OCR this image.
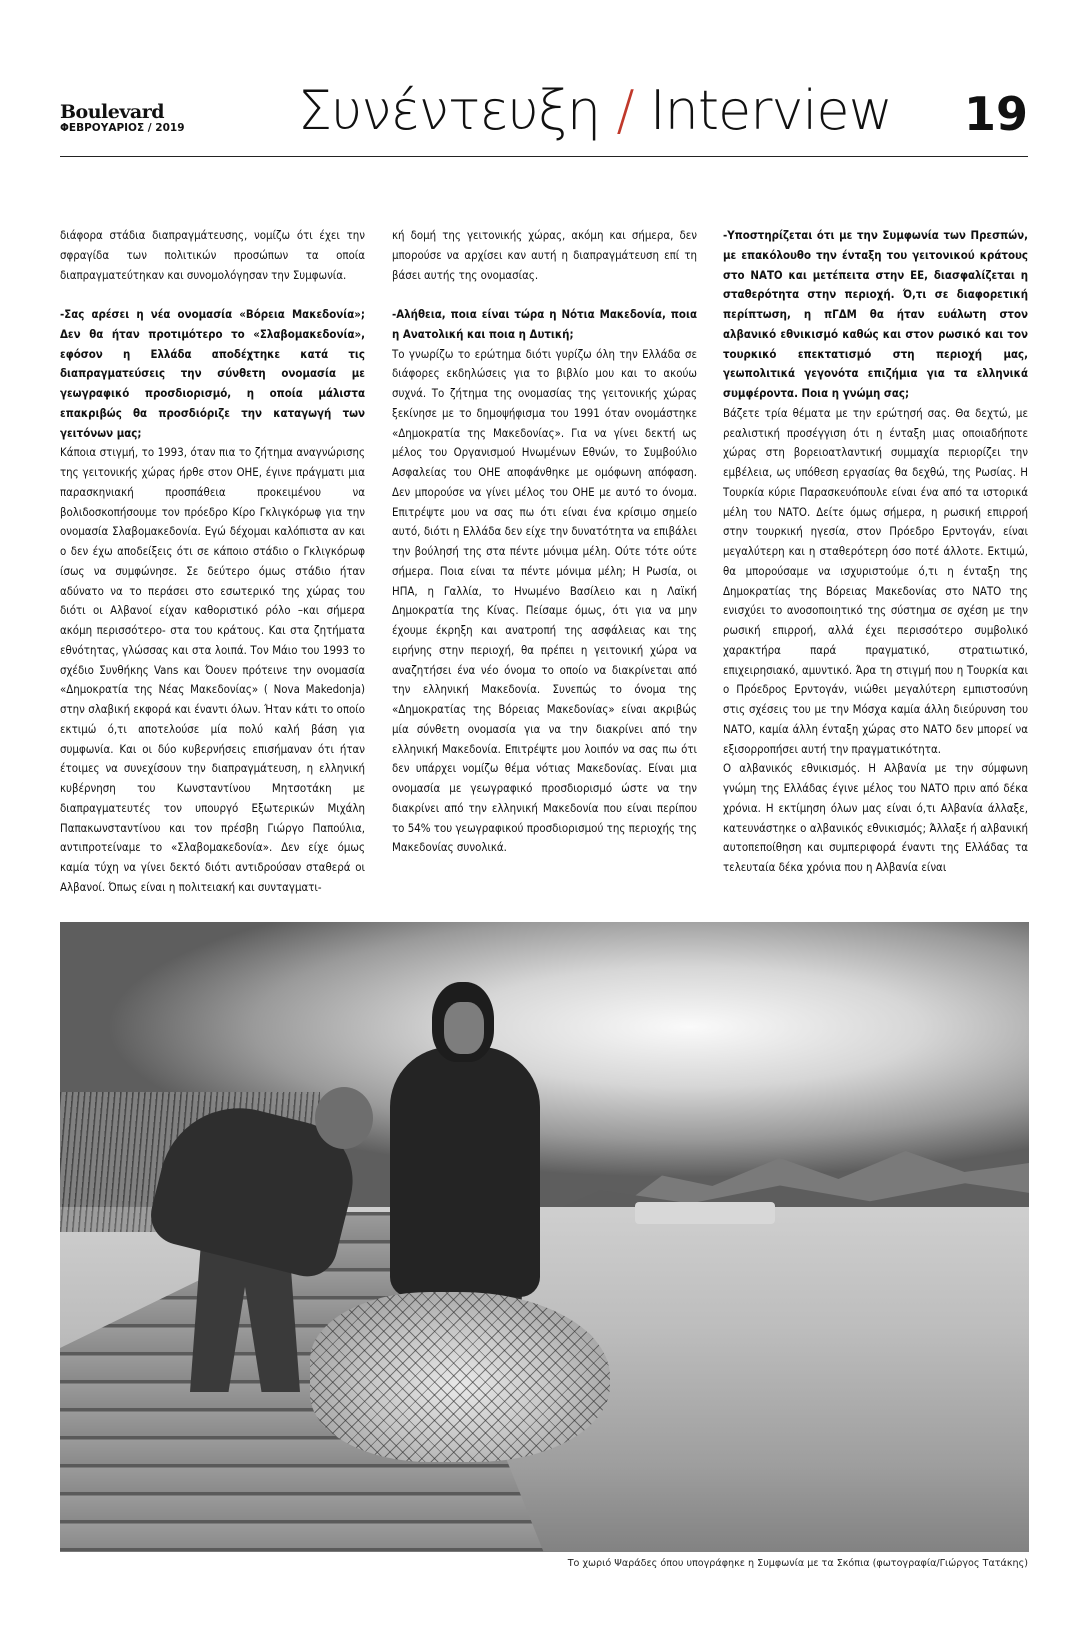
Boulevard
ΦΕΒΡΟΥΑΡΙΟΣ / 2019 Συνέντευξη / Interview 19

διάφορα στάδια διαπραγμάτευσης, νομίζω ότι έχει την σφραγίδα των πολιτικών προσώπων τα οποία διαπραγματεύτηκαν και συνομολόγησαν την Συμφωνία.

-Σας αρέσει η νέα ονομασία «Βόρεια Μακεδονία»; Δεν θα ήταν προτιμότερο το «Σλαβομακεδονία», εφόσον η Ελλάδα αποδέχτηκε κατά τις διαπραγματεύσεις την σύνθετη ονομασία με γεωγραφικό προσδιορισμό, η οποία μάλιστα επακριβώς θα προσδιόριζε την καταγωγή των γειτόνων μας;

Κάποια στιγμή, το 1993, όταν πια το ζήτημα αναγνώρισης της γειτονικής χώρας ήρθε στον ΟΗΕ, έγινε πράγματι μια παρασκηνιακή προσπάθεια προκειμένου να βολιδοσκοπήσουμε τον πρόεδρο Κίρο Γκλιγκόρωφ για την ονομασία Σλαβομακεδονία. Εγώ δέχομαι καλόπιστα αν και ο δεν έχω αποδείξεις ότι σε κάποιο στάδιο ο Γκλιγκόρωφ ίσως να συμφώνησε. Σε δεύτερο όμως στάδιο ήταν αδύνατο να το περάσει στο εσωτερικό της χώρας του διότι οι Αλβανοί είχαν καθοριστικό ρόλο –και σήμερα ακόμη περισσότερο- στα του κράτους. Και στα ζητήματα εθνότητας, γλώσσας και στα λοιπά. Τον Μάιο του 1993 το σχέδιο Συνθήκης Vans και Όουεν πρότεινε την ονομασία «Δημοκρατία της Νέας Μακεδονίας» ( Nova Makedonja) στην σλαβική εκφορά και έναντι όλων. Ήταν κάτι το οποίο εκτιμώ ό,τι αποτελούσε μία πολύ καλή βάση για συμφωνία. Και οι δύο κυβερνήσεις επισήμαναν ότι ήταν έτοιμες να συνεχίσουν την διαπραγμάτευση, η ελληνική κυβέρνηση του Κωνσταντίνου Μητσοτάκη με διαπραγματευτές τον υπουργό Εξωτερικών Μιχάλη Παπακωνσταντίνου και τον πρέσβη Γιώργο Παπούλια, αντιπροτείναμε το «Σλαβομακεδονία». Δεν είχε όμως καμία τύχη να γίνει δεκτό διότι αντιδρούσαν σταθερά οι Αλβανοί. Όπως είναι η πολιτειακή και συνταγματι-

κή δομή της γειτονικής χώρας, ακόμη και σήμερα, δεν μπορούσε να αρχίσει καν αυτή η διαπραγμάτευση επί τη βάσει αυτής της ονομασίας.

-Αλήθεια, ποια είναι τώρα η Νότια Μακεδονία, ποια η Ανατολική και ποια η Δυτική;

Το γνωρίζω το ερώτημα διότι γυρίζω όλη την Ελλάδα σε διάφορες εκδηλώσεις για το βιβλίο μου και το ακούω συχνά. Το ζήτημα της ονομασίας της γειτονικής χώρας ξεκίνησε με το δημοψήφισμα του 1991 όταν ονομάστηκε «Δημοκρατία της Μακεδονίας». Για να γίνει δεκτή ως μέλος του Οργανισμού Ηνωμένων Εθνών, το Συμβούλιο Ασφαλείας του ΟΗΕ αποφάνθηκε με ομόφωνη απόφαση. Δεν μπορούσε να γίνει μέλος του ΟΗΕ με αυτό το όνομα. Επιτρέψτε μου να σας πω ότι είναι ένα κρίσιμο σημείο αυτό, διότι η Ελλάδα δεν είχε την δυνατότητα να επιβάλει την βούλησή της στα πέντε μόνιμα μέλη. Ούτε τότε ούτε σήμερα. Ποια είναι τα πέντε μόνιμα μέλη; Η Ρωσία, οι ΗΠΑ, η Γαλλία, το Ηνωμένο Βασίλειο και η Λαϊκή Δημοκρατία της Κίνας. Πείσαμε όμως, ότι για να μην έχουμε έκρηξη και ανατροπή της ασφάλειας και της ειρήνης στην περιοχή, θα πρέπει η γειτονική χώρα να αναζητήσει ένα νέο όνομα το οποίο να διακρίνεται από την ελληνική Μακεδονία. Συνεπώς το όνομα της «Δημοκρατίας της Βόρειας Μακεδονίας» είναι ακριβώς μία σύνθετη ονομασία για να την διακρίνει από την ελληνική Μακεδονία. Επιτρέψτε μου λοιπόν να σας πω ότι δεν υπάρχει νομίζω θέμα νότιας Μακεδονίας. Είναι μια ονομασία με γεωγραφικό προσδιορισμό ώστε να την διακρίνει από την ελληνική Μακεδονία που είναι περίπου το 54% του γεωγραφικού προσδιορισμού της περιοχής της Μακεδονίας συνολικά.

-Υποστηρίζεται ότι με την Συμφωνία των Πρεσπών, με επακόλουθο την ένταξη του γειτονικού κράτους στο ΝΑΤΟ και μετέπειτα στην ΕΕ, διασφαλίζεται η σταθερότητα στην περιοχή. Ό,τι σε διαφορετική περίπτωση, η πΓΔΜ θα ήταν ευάλωτη στον αλβανικό εθνικισμό καθώς και στον ρωσικό και τον τουρκικό επεκτατισμό στη περιοχή μας, γεωπολιτικά γεγονότα επιζήμια για τα ελληνικά συμφέροντα. Ποια η γνώμη σας;

Βάζετε τρία θέματα με την ερώτησή σας. Θα δεχτώ, με ρεαλιστική προσέγγιση ότι η ένταξη μιας οποιαδήποτε χώρας στη βορειοατλαντική συμμαχία περιορίζει την εμβέλεια, ως υπόθεση εργασίας θα δεχθώ, της Ρωσίας. Η Τουρκία κύριε Παρασκευόπουλε είναι ένα από τα ιστορικά μέλη του ΝΑΤΟ. Δείτε όμως σήμερα, η ρωσική επιρροή στην τουρκική ηγεσία, στον Πρόεδρο Ερντογάν, είναι μεγαλύτερη και η σταθερότερη όσο ποτέ άλλοτε. Εκτιμώ, θα μπορούσαμε να ισχυριστούμε ό,τι η ένταξη της Δημοκρατίας της Βόρειας Μακεδονίας στο ΝΑΤΟ της ενισχύει το ανοσοποιητικό της σύστημα σε σχέση με την ρωσική επιρροή, αλλά έχει περισσότερο συμβολικό χαρακτήρα παρά πραγματικό, στρατιωτικό, επιχειρησιακό, αμυντικό. Άρα τη στιγμή που η Τουρκία και ο Πρόεδρος Ερντογάν, νιώθει μεγαλύτερη εμπιστοσύνη στις σχέσεις του με την Μόσχα καμία άλλη διεύρυνση του ΝΑΤΟ, καμία άλλη ένταξη χώρας στο ΝΑΤΟ δεν μπορεί να εξισορροπήσει αυτή την πραγματικότητα.

Ο αλβανικός εθνικισμός. Η Αλβανία με την σύμφωνη γνώμη της Ελλάδας έγινε μέλος του ΝΑΤΟ πριν από δέκα χρόνια. Η εκτίμηση όλων μας είναι ό,τι Αλβανία άλλαξε, κατευνάστηκε ο αλβανικός εθνικισμός; Άλλαξε ή αλβανική αυτοπεποίθηση και συμπεριφορά έναντι της Ελλάδας τα τελευταία δέκα χρόνια που η Αλβανία είναι

Το χωριό Ψαράδες όπου υπογράφηκε η Συμφωνία με τα Σκόπια (φωτογραφία/Γιώργος Τατάκης)
